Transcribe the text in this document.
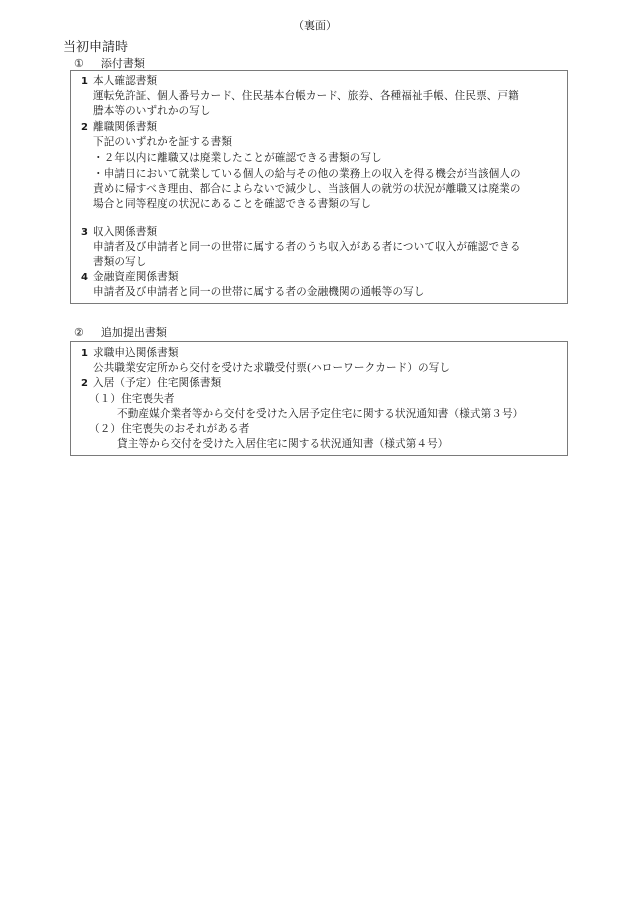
（裏面）
当初申請時
① 添付書類
1 本人確認書類
運転免許証、個人番号カード、住民基本台帳カード、旅券、各種福祉手帳、住民票、戸籍
謄本等のいずれかの写し
2 離職関係書類
下記のいずれかを証する書類
・２年以内に離職又は廃業したことが確認できる書類の写し
・申請日において就業している個人の給与その他の業務上の収入を得る機会が当該個人の
責めに帰すべき理由、都合によらないで減少し、当該個人の就労の状況が離職又は廃業の
場合と同等程度の状況にあることを確認できる書類の写し
3 収入関係書類
申請者及び申請者と同一の世帯に属する者のうち収入がある者について収入が確認できる
書類の写し
4 金融資産関係書類
申請者及び申請者と同一の世帯に属する者の金融機関の通帳等の写し
② 追加提出書類
1 求職申込関係書類
公共職業安定所から交付を受けた求職受付票(ハローワークカード）の写し
2 入居（予定）住宅関係書類
（１）住宅喪失者
不動産媒介業者等から交付を受けた入居予定住宅に関する状況通知書（様式第３号）
（２）住宅喪失のおそれがある者
貸主等から交付を受けた入居住宅に関する状況通知書（様式第４号）
